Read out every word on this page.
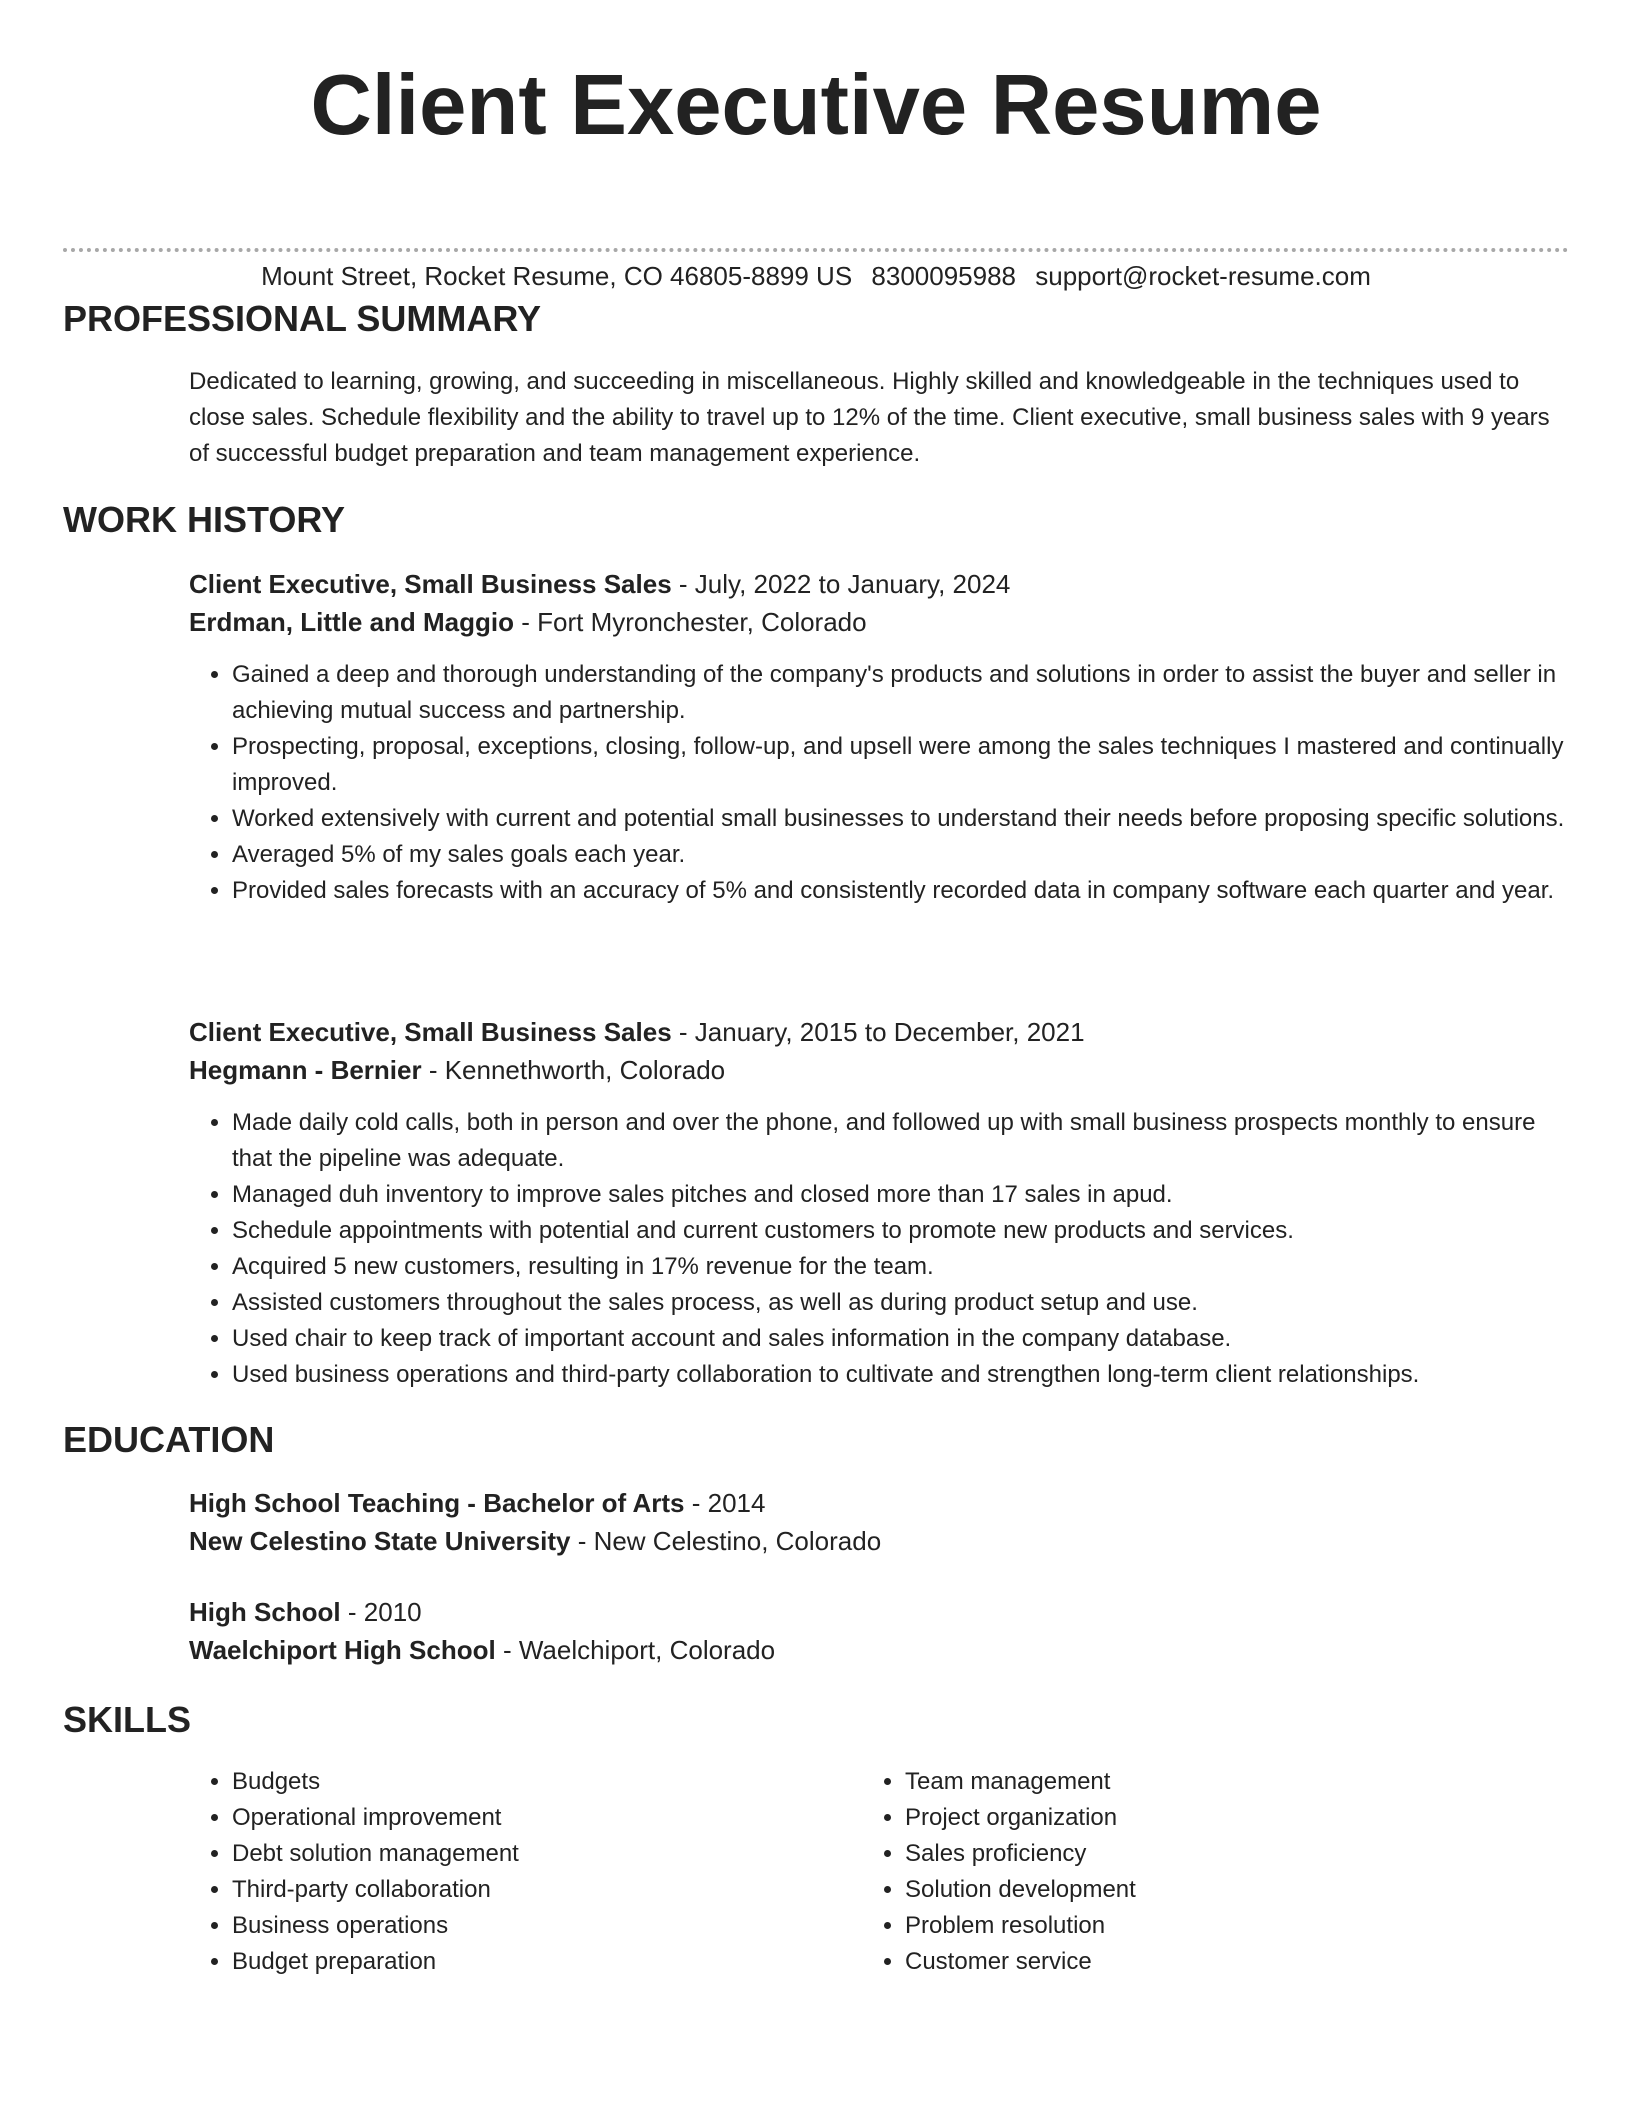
Client Executive Resume
Mount Street, Rocket Resume, CO 46805-8899 US 8300095988 support@rocket-resume.com
PROFESSIONAL SUMMARY

Dedicated to learning, growing, and succeeding in miscellaneous. Highly skilled and knowledgeable in the techniques used to close sales. Schedule flexibility and the ability to travel up to 12% of the time. Client executive, small business sales with 9 years of successful budget preparation and team management experience.

WORK HISTORY

Client Executive, Small Business Sales - July, 2022 to January, 2024

Erdman, Little and Maggio - Fort Myronchester, Colorado

• Gained a deep and thorough understanding of the company's products and solutions in order to assist the buyer and seller in achieving mutual success and partnership.
• Prospecting, proposal, exceptions, closing, follow-up, and upsell were among the sales techniques I mastered and continually improved.
• Worked extensively with current and potential small businesses to understand their needs before proposing specific solutions.
• Averaged 5% of my sales goals each year.
• Provided sales forecasts with an accuracy of 5% and consistently recorded data in company software each quarter and year.

Client Executive, Small Business Sales - January, 2015 to December, 2021

Hegmann - Bernier - Kennethworth, Colorado

• Made daily cold calls, both in person and over the phone, and followed up with small business prospects monthly to ensure that the pipeline was adequate.
• Managed duh inventory to improve sales pitches and closed more than 17 sales in apud.
• Schedule appointments with potential and current customers to promote new products and services.
• Acquired 5 new customers, resulting in 17% revenue for the team.
• Assisted customers throughout the sales process, as well as during product setup and use.
• Used chair to keep track of important account and sales information in the company database.
• Used business operations and third-party collaboration to cultivate and strengthen long-term client relationships.
EDUCATION

High School Teaching - Bachelor of Arts - 2014

New Celestino State University - New Celestino, Colorado

High School - 2010

Waelchiport High School - Waelchiport, Colorado

SKILLS
• Budgets
• Operational improvement
• Debt solution management
• Third-party collaboration
• Business operations
• Budget preparation
• Team management
• Project organization
• Sales proficiency
• Solution development
• Problem resolution
• Customer service
